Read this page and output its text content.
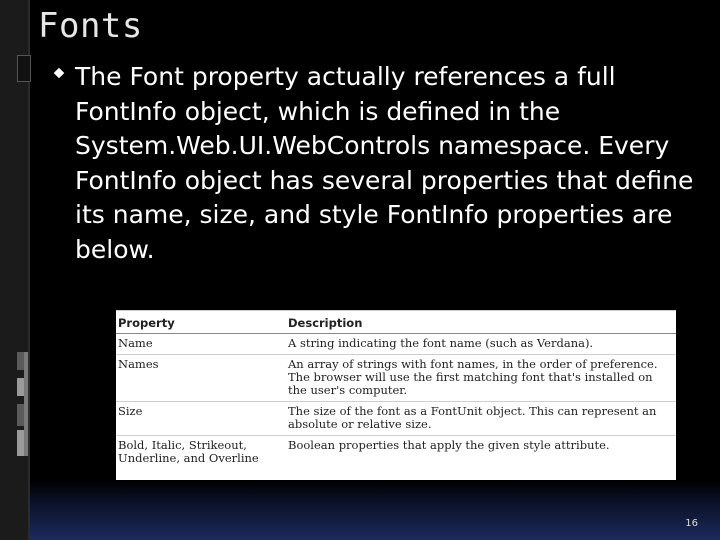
Fonts
The Font property actually references a full FontInfo object, which is defined in the System.Web.UI.WebControls namespace. Every FontInfo object has several properties that define its name, size, and style FontInfo properties are below.
Property	Description
Name	A string indicating the font name (such as Verdana).
Names	An array of strings with font names, in the order of preference. The browser will use the first matching font that's installed on the user's computer.
Size	The size of the font as a FontUnit object. This can represent an absolute or relative size.
Bold, Italic, Strikeout, Underline, and Overline	Boolean properties that apply the given style attribute.
16
